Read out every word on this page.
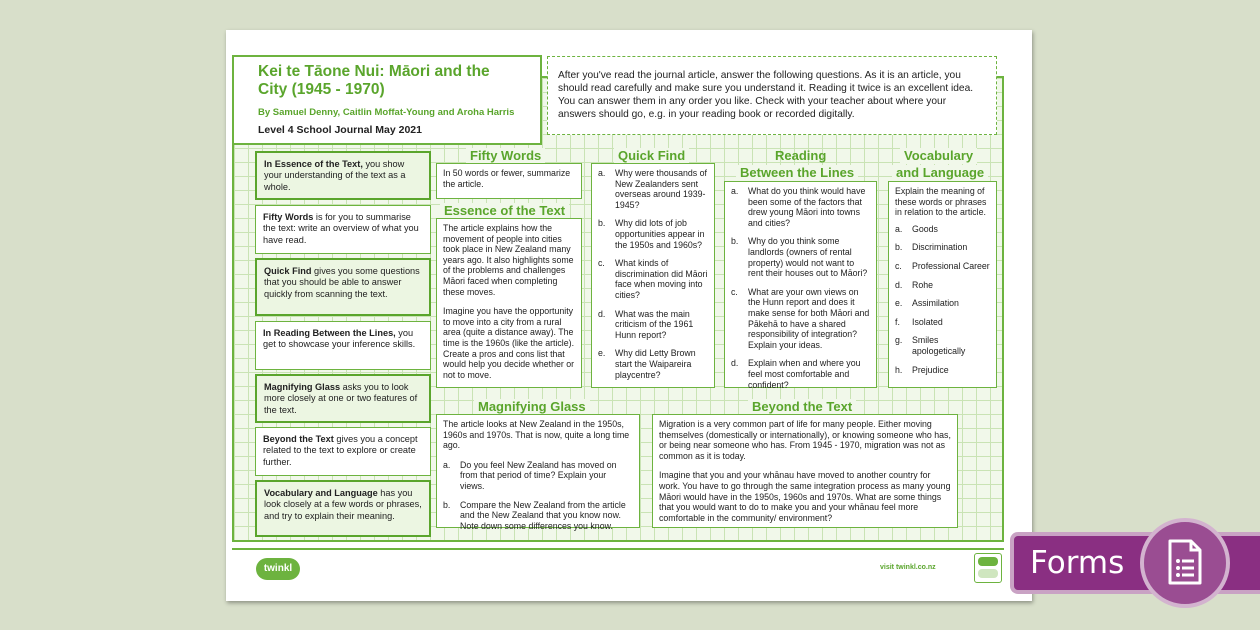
Kei te Tāone Nui: Māori and the City (1945 - 1970)
By Samuel Denny, Caitlin Moffat-Young and Aroha Harris
Level 4 School Journal May 2021
After you've read the journal article, answer the following questions. As it is an article, you should read carefully and make sure you understand it. Reading it twice is an excellent idea. You can answer them in any order you like. Check with your teacher about where your answers should go, e.g. in your reading book or recorded digitally.
In Essence of the Text, you show your understanding of the text as a whole.
Fifty Words is for you to summarise the text: write an overview of what you have read.
Quick Find gives you some questions that you should be able to answer quickly from scanning the text.
In Reading Between the Lines, you get to showcase your inference skills.
Magnifying Glass asks you to look more closely at one or two features of the text.
Beyond the Text gives you a concept related to the text to explore or create further.
Vocabulary and Language has you look closely at a few words or phrases, and try to explain their meaning.
Fifty Words
In 50 words or fewer, summarize the article.
Essence of the Text

The article explains how the movement of people into cities took place in New Zealand many years ago. It also highlights some of the problems and challenges Māori faced when completing these moves.

Imagine you have the opportunity to move into a city from a rural area (quite a distance away). The time is the 1960s (like the article). Create a pros and cons list that would help you decide whether or not to move.

Quick Find
a.	Why were thousands of New Zealanders sent overseas around 1939-1945?
b.	Why did lots of job opportunities appear in the 1950s and 1960s?
c.	What kinds of discrimination did Māori face when moving into cities?
d.	What was the main criticism of the 1961 Hunn report?
e.	Why did Letty Brown start the Waipareira playcentre?
Reading
Between the Lines
a.	What do you think would have been some of the factors that drew young Māori into towns and cities?
b.	Why do you think some landlords (owners of rental property) would not want to rent their houses out to Māori?
c.	What are your own views on the Hunn report and does it make sense for both Māori and Pākehā to have a shared responsibility of integration? Explain your ideas.
d.	Explain when and where you feel most comfortable and confident?
Vocabulary
and Language

Explain the meaning of these words or phrases in relation to the article.

a.	Goods
b.	Discrimination
c.	Professional Career
d.	Rohe
e.	Assimilation
f.	Isolated
g.	Smiles apologetically
h.	Prejudice
Magnifying Glass

The article looks at New Zealand in the 1950s, 1960s and 1970s. That is now, quite a long time ago.

a.	Do you feel New Zealand has moved on from that period of time? Explain your views.
b.	Compare the New Zealand from the article and the New Zealand that you know now. Note down some differences you know.
Beyond the Text

Migration is a very common part of life for many people. Either moving themselves (domestically or internationally), or knowing someone who has, or being near someone who has. From 1945 - 1970, migration was not as common as it is today.

Imagine that you and your whānau have moved to another country for work. You have to go through the same integration process as many young Māori would have in the 1950s, 1960s and 1970s. What are some things that you would want to do to make you and your whānau feel more comfortable in the community/ environment?

twinkl	visit twinkl.co.nz	Forms
